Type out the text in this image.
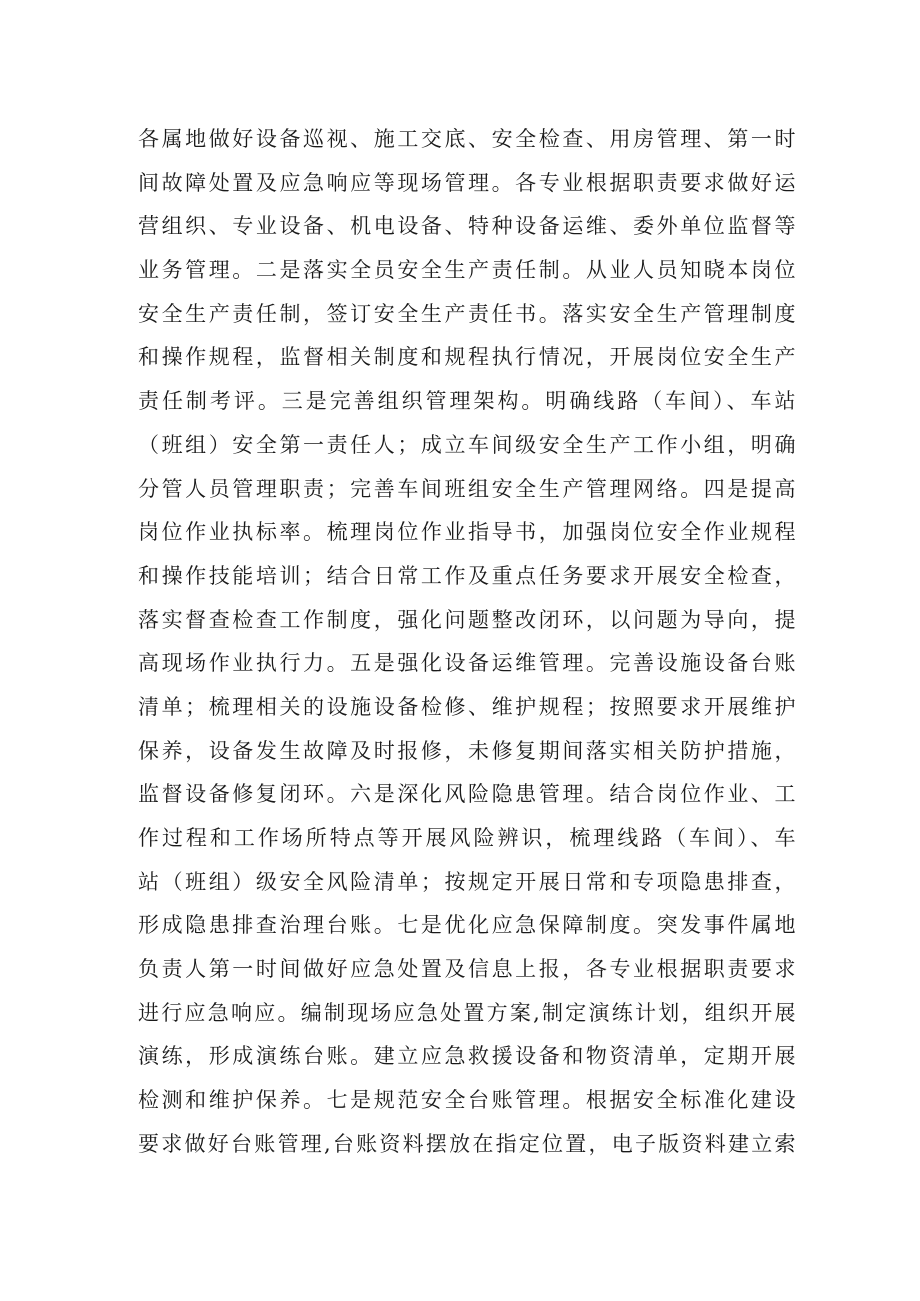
各属地做好设备巡视、施工交底、安全检查、用房管理、第一时
间故障处置及应急响应等现场管理。各专业根据职责要求做好运
营组织、专业设备、机电设备、特种设备运维、委外单位监督等
业务管理。二是落实全员安全生产责任制。从业人员知晓本岗位
安全生产责任制，签订安全生产责任书。落实安全生产管理制度
和操作规程，监督相关制度和规程执行情况，开展岗位安全生产
责任制考评。三是完善组织管理架构。明确线路（车间）、车站
（班组）安全第一责任人；成立车间级安全生产工作小组，明确
分管人员管理职责；完善车间班组安全生产管理网络。四是提高
岗位作业执标率。梳理岗位作业指导书，加强岗位安全作业规程
和操作技能培训；结合日常工作及重点任务要求开展安全检查，
落实督查检查工作制度，强化问题整改闭环，以问题为导向，提
高现场作业执行力。五是强化设备运维管理。完善设施设备台账
清单；梳理相关的设施设备检修、维护规程；按照要求开展维护
保养，设备发生故障及时报修，未修复期间落实相关防护措施，
监督设备修复闭环。六是深化风险隐患管理。结合岗位作业、工
作过程和工作场所特点等开展风险辨识，梳理线路（车间）、车
站（班组）级安全风险清单；按规定开展日常和专项隐患排查，
形成隐患排查治理台账。七是优化应急保障制度。突发事件属地
负责人第一时间做好应急处置及信息上报，各专业根据职责要求
进行应急响应。编制现场应急处置方案,制定演练计划，组织开展
演练，形成演练台账。建立应急救援设备和物资清单，定期开展
检测和维护保养。七是规范安全台账管理。根据安全标准化建设
要求做好台账管理,台账资料摆放在指定位置，电子版资料建立索
